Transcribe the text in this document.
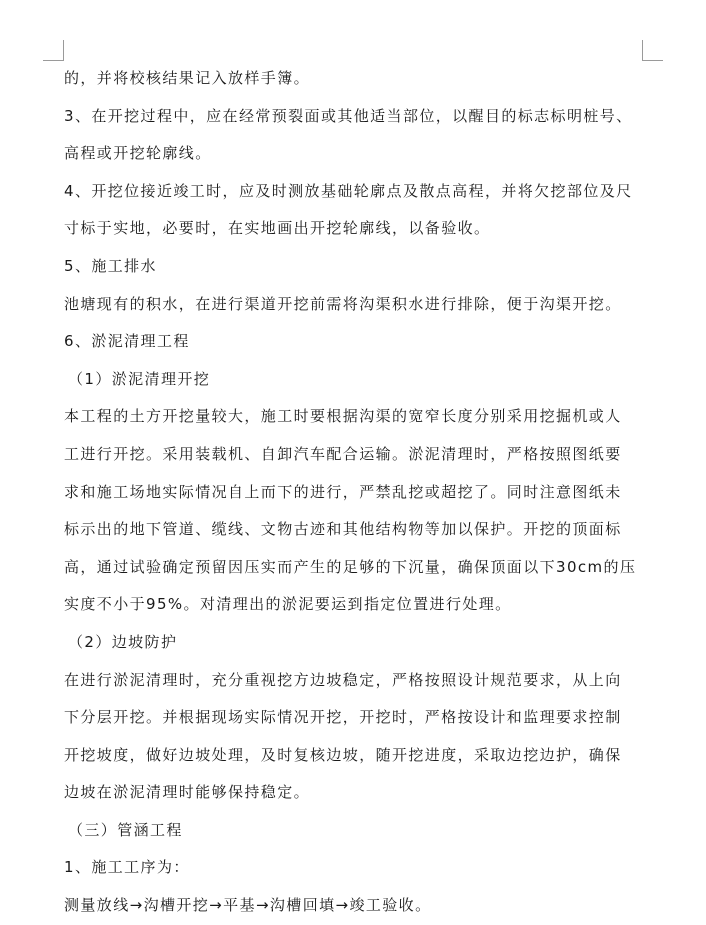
的，并将校核结果记入放样手簿。
3、在开挖过程中，应在经常预裂面或其他适当部位，以醒目的标志标明桩号、
高程或开挖轮廓线。
4、开挖位接近竣工时，应及时测放基础轮廓点及散点高程，并将欠挖部位及尺
寸标于实地，必要时，在实地画出开挖轮廓线，以备验收。
5、施工排水
池塘现有的积水，在进行渠道开挖前需将沟渠积水进行排除，便于沟渠开挖。
6、淤泥清理工程
（1）淤泥清理开挖
本工程的土方开挖量较大，施工时要根据沟渠的宽窄长度分别采用挖掘机或人
工进行开挖。采用装载机、自卸汽车配合运输。淤泥清理时，严格按照图纸要
求和施工场地实际情况自上而下的进行，严禁乱挖或超挖了。同时注意图纸未
标示出的地下管道、缆线、文物古迹和其他结构物等加以保护。开挖的顶面标
高，通过试验确定预留因压实而产生的足够的下沉量，确保顶面以下30cm的压
实度不小于95%。对清理出的淤泥要运到指定位置进行处理。
（2）边坡防护
在进行淤泥清理时，充分重视挖方边坡稳定，严格按照设计规范要求，从上向
下分层开挖。并根据现场实际情况开挖，开挖时，严格按设计和监理要求控制
开挖坡度，做好边坡处理，及时复核边坡，随开挖进度，采取边挖边护，确保
边坡在淤泥清理时能够保持稳定。
（三）管涵工程
1、施工工序为：
测量放线→沟槽开挖→平基→沟槽回填→竣工验收。
